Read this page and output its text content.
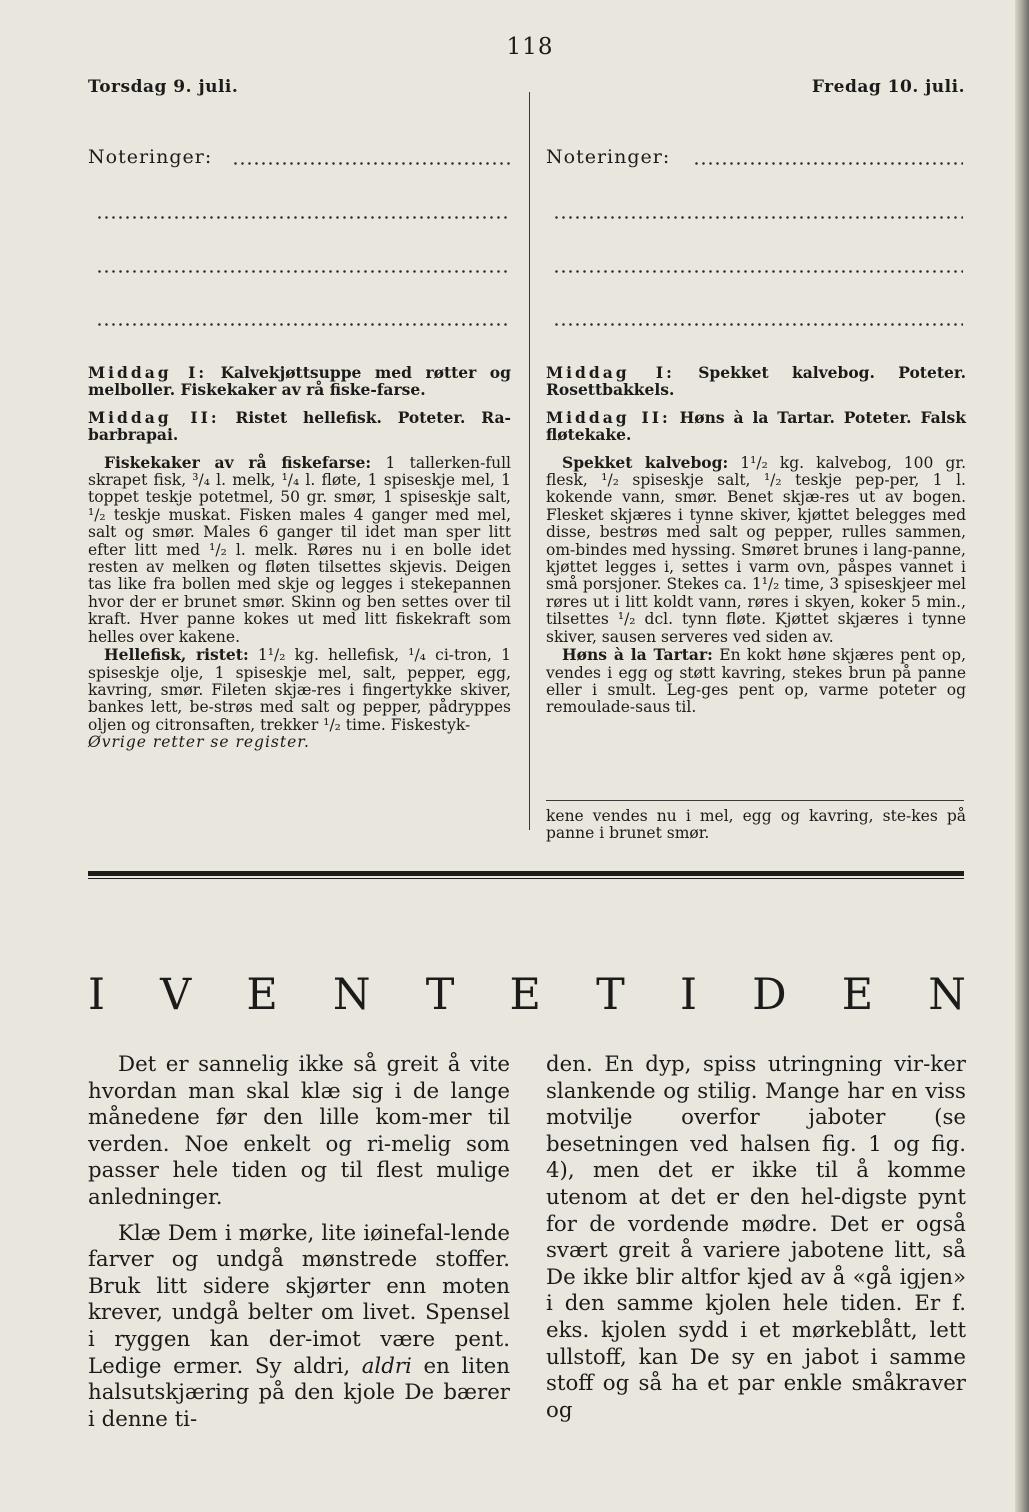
118
Torsdag 9. juli.	Fredag 10. juli.
Noteringer:	Noteringer:

Middag I: Kalvekjøttsuppe med røtter og melboller. Fiskekaker av rå fiske-farse.

Middag II: Ristet hellefisk. Poteter. Ra-barbrapai.

Fiskekaker av rå fiskefarse: 1 tallerken-full skrapet fisk, ³/₄ l. melk, ¹/₄ l. fløte, 1 spiseskje mel, 1 toppet teskje potetmel, 50 gr. smør, 1 spiseskje salt, ¹/₂ teskje muskat. Fisken males 4 ganger med mel, salt og smør. Males 6 ganger til idet man sper litt efter litt med ¹/₂ l. melk. Røres nu i en bolle idet resten av melken og fløten tilsettes skjevis. Deigen tas like fra bollen med skje og legges i stekepannen hvor der er brunet smør. Skinn og ben settes over til kraft. Hver panne kokes ut med litt fiskekraft som helles over kakene.

Hellefisk, ristet: 1¹/₂ kg. hellefisk, ¹/₄ ci-tron, 1 spiseskje olje, 1 spiseskje mel, salt, pepper, egg, kavring, smør. Fileten skjæ-res i fingertykke skiver, bankes lett, be-strøs med salt og pepper, pådryppes oljen og citronsaften, trekker ¹/₂ time. Fiskestyk-

Øvrige retter se register.

Middag I: Spekket kalvebog. Poteter. Rosettbakkels.

Middag II: Høns à la Tartar. Poteter. Falsk fløtekake.

Spekket kalvebog: 1¹/₂ kg. kalvebog, 100 gr. flesk, ¹/₂ spiseskje salt, ¹/₂ teskje pep-per, 1 l. kokende vann, smør. Benet skjæ-res ut av bogen. Flesket skjæres i tynne skiver, kjøttet belegges med disse, bestrøs med salt og pepper, rulles sammen, om-bindes med hyssing. Smøret brunes i lang-panne, kjøttet legges i, settes i varm ovn, påspes vannet i små porsjoner. Stekes ca. 1¹/₂ time, 3 spiseskjeer mel røres ut i litt koldt vann, røres i skyen, koker 5 min., tilsettes ¹/₂ dcl. tynn fløte. Kjøttet skjæres i tynne skiver, sausen serveres ved siden av.

Høns à la Tartar: En kokt høne skjæres pent op, vendes i egg og støtt kavring, stekes brun på panne eller i smult. Leg-ges pent op, varme poteter og remoulade-saus til.

kene vendes nu i mel, egg og kavring, ste-kes på panne i brunet smør.
I V E N T E T I D E N

Det er sannelig ikke så greit å vite hvordan man skal klæ sig i de lange månedene før den lille kom-mer til verden. Noe enkelt og ri-melig som passer hele tiden og til flest mulige anledninger.

Klæ Dem i mørke, lite iøinefal-lende farver og undgå mønstrede stoffer. Bruk litt sidere skjørter enn moten krever, undgå belter om livet. Spensel i ryggen kan der-imot være pent. Ledige ermer. Sy aldri, aldri en liten halsutskjæring på den kjole De bærer i denne ti-

den. En dyp, spiss utringning vir-ker slankende og stilig. Mange har en viss motvilje overfor jaboter (se besetningen ved halsen fig. 1 og fig. 4), men det er ikke til å komme utenom at det er den hel-digste pynt for de vordende mødre. Det er også svært greit å variere jabotene litt, så De ikke blir altfor kjed av å «gå igjen» i den samme kjolen hele tiden. Er f. eks. kjolen sydd i et mørkeblått, lett ullstoff, kan De sy en jabot i samme stoff og så ha et par enkle småkraver og
